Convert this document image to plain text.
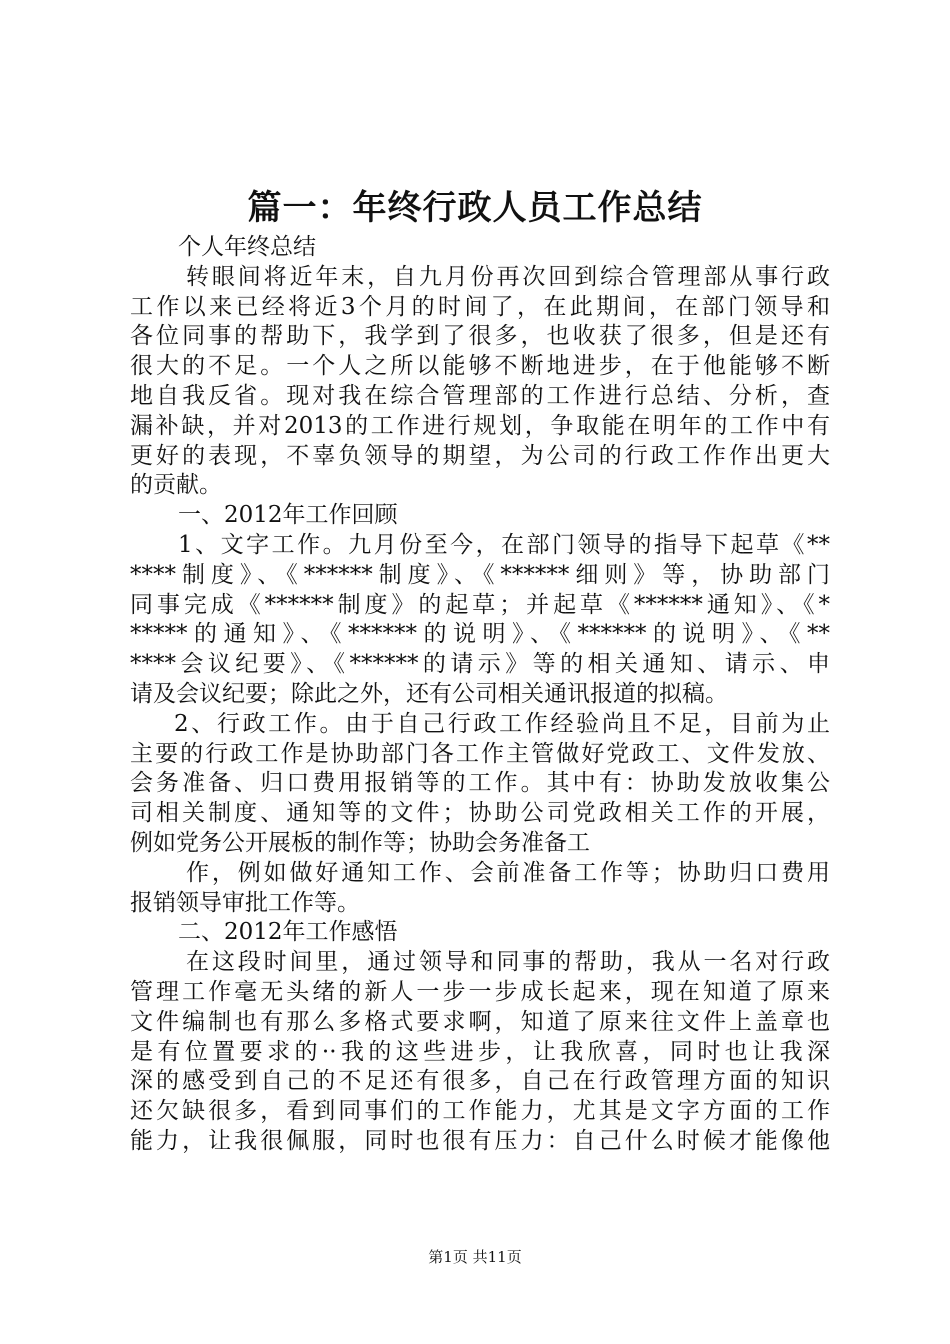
篇一：年终行政人员工作总结
个人年终总结
转眼间将近年末，自九月份再次回到综合管理部从事行政
工作以来已经将近3个月的时间了，在此期间，在部门领导和
各位同事的帮助下，我学到了很多，也收获了很多，但是还有
很大的不足。一个人之所以能够不断地进步，在于他能够不断
地自我反省。现对我在综合管理部的工作进行总结、分析，查
漏补缺，并对2013的工作进行规划，争取能在明年的工作中有
更好的表现，不辜负领导的期望，为公司的行政工作作出更大
的贡献。
一、2012年工作回顾
1、文字工作。九月份至今，在部门领导的指导下起草《**
****制度》、《******制度》、《******细则》等，协助部门
同事完成《******制度》的起草；并起草《******通知》、《*
*****的通知》、《******的说明》、《******的说明》、《**
****会议纪要》、《******的请示》等的相关通知、请示、申
请及会议纪要；除此之外，还有公司相关通讯报道的拟稿。
2、行政工作。由于自己行政工作经验尚且不足，目前为止
主要的行政工作是协助部门各工作主管做好党政工、文件发放、
会务准备、归口费用报销等的工作。其中有：协助发放收集公
司相关制度、通知等的文件；协助公司党政相关工作的开展，
例如党务公开展板的制作等；协助会务准备工
作，例如做好通知工作、会前准备工作等；协助归口费用
报销领导审批工作等。
二、2012年工作感悟
在这段时间里，通过领导和同事的帮助，我从一名对行政
管理工作毫无头绪的新人一步一步成长起来，现在知道了原来
文件编制也有那么多格式要求啊，知道了原来往文件上盖章也
是有位置要求的··我的这些进步，让我欣喜，同时也让我深
深的感受到自己的不足还有很多，自己在行政管理方面的知识
还欠缺很多，看到同事们的工作能力，尤其是文字方面的工作
能力，让我很佩服，同时也很有压力：自己什么时候才能像他
第1页 共11页
